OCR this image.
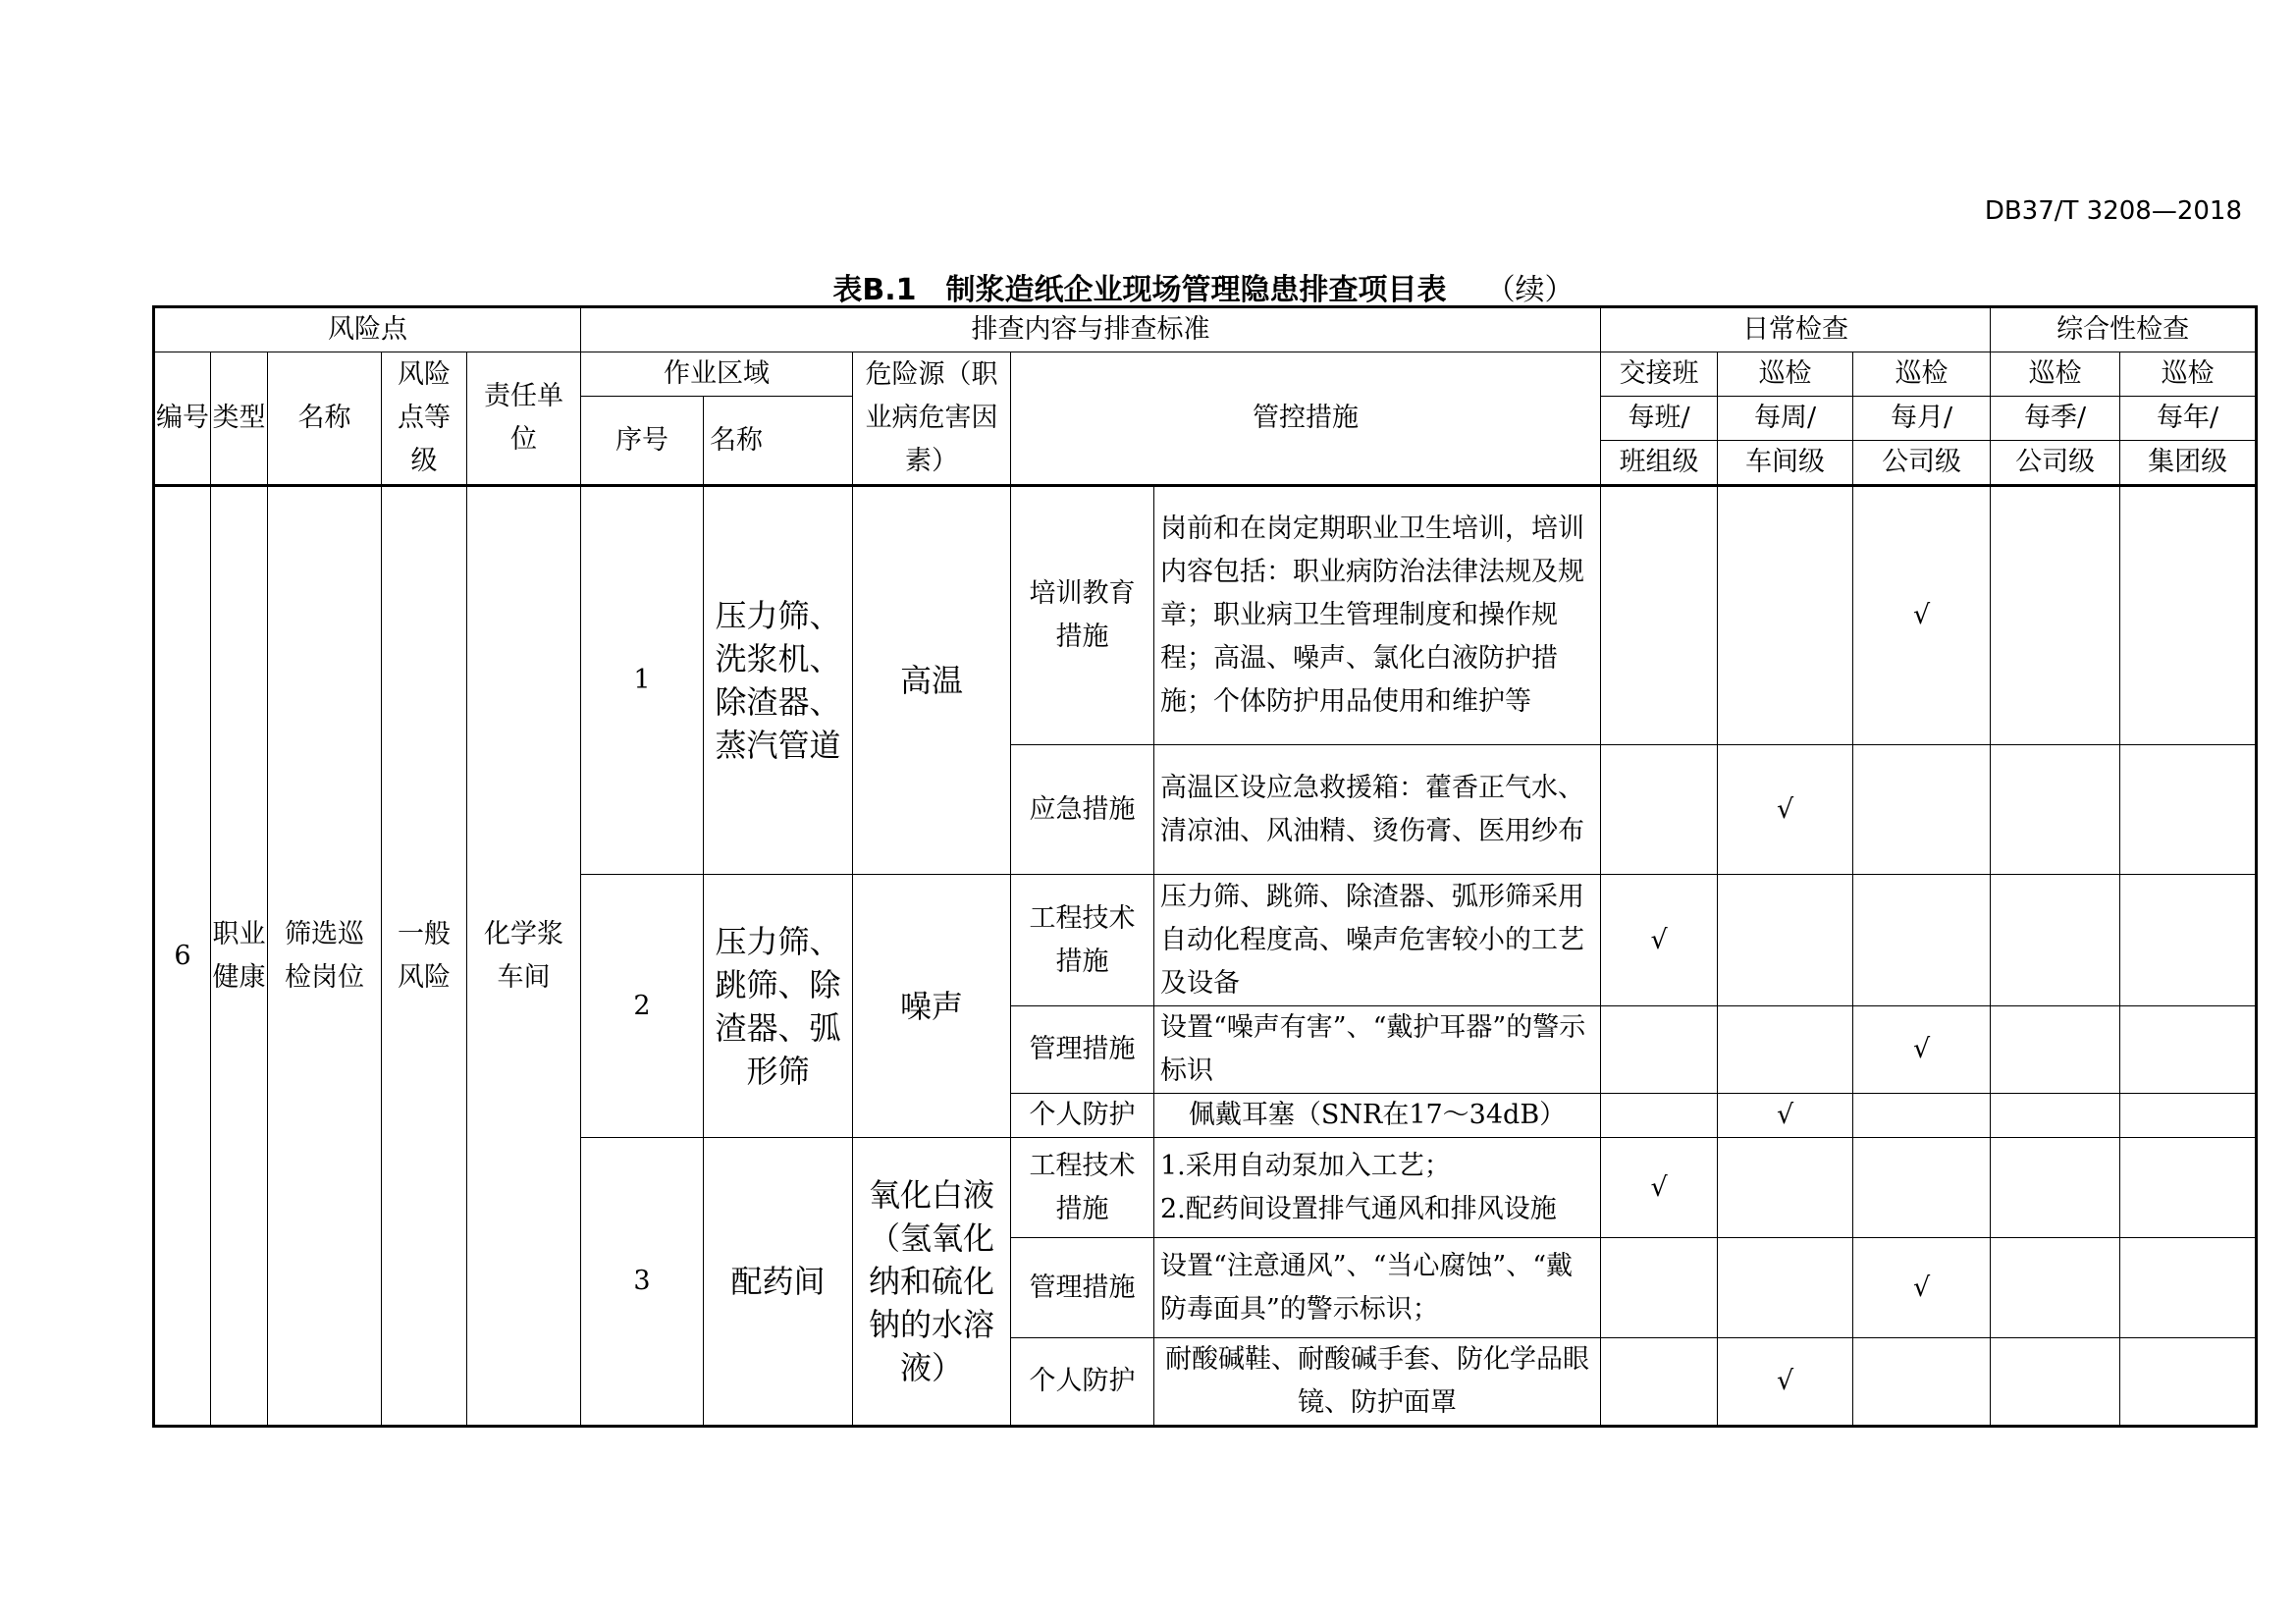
DB37/T 3208—2018
表B.1　制浆造纸企业现场管理隐患排查项目表 （续）
风险点					排查内容与排查标准					日常检查			综合性检查	
编号	类型	名称	风险点等级	责任单位	作业区域		危险源（职业病危害因素）	管控措施		交接班	巡检	巡检	巡检	巡检
					序号	名称				每班/	每周/	每月/	每季/	每年/
										班组级	车间级	公司级	公司级	集团级
6	职业健康	筛选巡检岗位	一般风险	化学浆车间	1	压力筛、洗浆机、除渣器、蒸汽管道	高温	培训教育措施	岗前和在岗定期职业卫生培训，培训内容包括：职业病防治法律法规及规章；职业病卫生管理制度和操作规程；高温、噪声、氯化白液防护措施；个体防护用品使用和维护等			√		
								应急措施	高温区设应急救援箱：藿香正气水、清凉油、风油精、烫伤膏、医用纱布		√			
					2	压力筛、跳筛、除渣器、弧形筛	噪声	工程技术措施	压力筛、跳筛、除渣器、弧形筛采用自动化程度高、噪声危害较小的工艺及设备	√				
								管理措施	设置“噪声有害”、“戴护耳器”的警示标识			√		
								个人防护	佩戴耳塞（SNR在17～34dB）		√			
					3	配药间	氧化白液（氢氧化纳和硫化钠的水溶液）	工程技术措施	1.采用自动泵加入工艺；
2.配药间设置排气通风和排风设施	√				
								管理措施	设置“注意通风”、“当心腐蚀”、“戴防毒面具”的警示标识；			√		
								个人防护	耐酸碱鞋、耐酸碱手套、防化学品眼镜、防护面罩		√			
